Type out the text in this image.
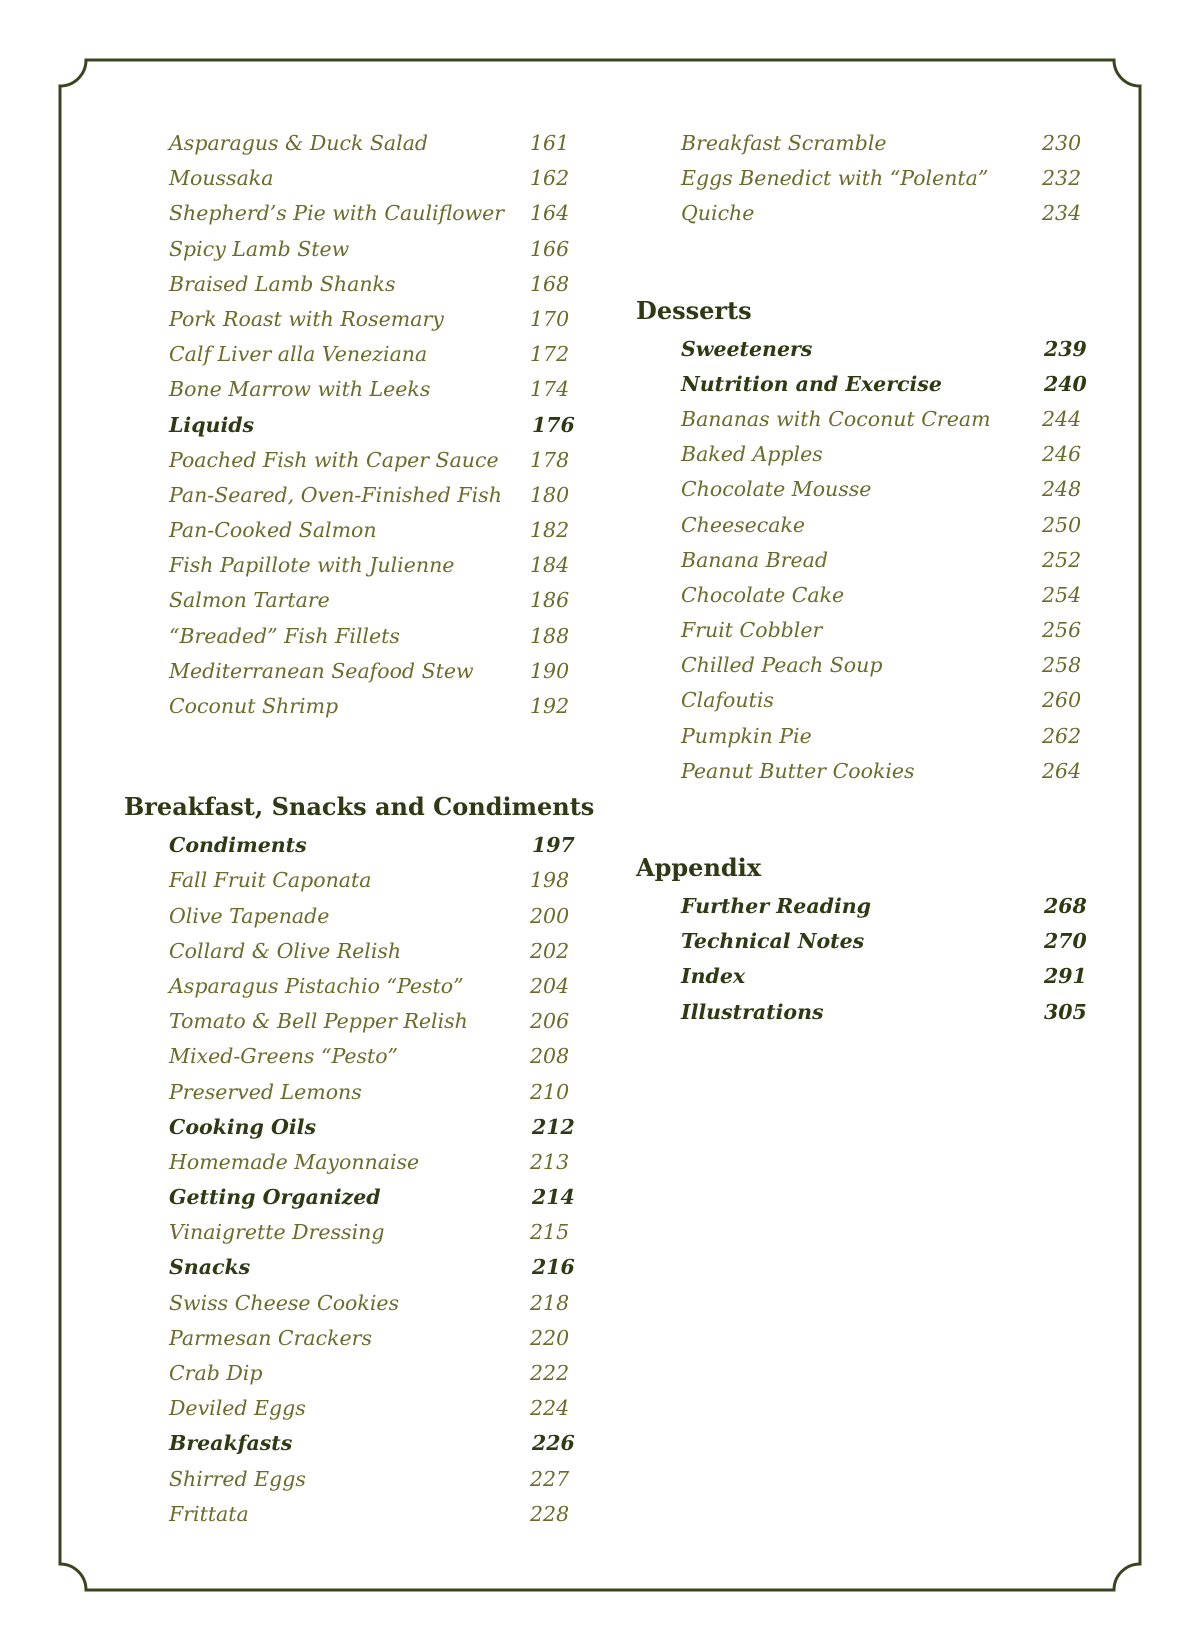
Asparagus & Duck Salad	161
Moussaka	162
Shepherd’s Pie with Cauliflower 164
Spicy Lamb Stew	166
Braised Lamb Shanks	168
Pork Roast with Rosemary	170
Calf Liver alla Veneziana	172
Bone Marrow with Leeks	174
Liquids	176
Poached Fish with Caper Sauce 178
Pan-Seared, Oven-Finished Fish 180
Pan-Cooked Salmon	182
Fish Papillote with Julienne	184
Salmon Tartare	186
“Breaded” Fish Fillets	188
Mediterranean Seafood Stew	190
Coconut Shrimp	192
Breakfast, Snacks and Condiments
Condiments	197
Fall Fruit Caponata	198
Olive Tapenade	200
Collard & Olive Relish	202
Asparagus Pistachio “Pesto”	204
Tomato & Bell Pepper Relish	206
Mixed-Greens “Pesto”	208
Preserved Lemons	210
Cooking Oils	212
Homemade Mayonnaise	213
Getting Organized	214
Vinaigrette Dressing	215
Snacks	216
Swiss Cheese Cookies	218
Parmesan Crackers	220
Crab Dip	222
Deviled Eggs	224
Breakfasts	226
Shirred Eggs	227
Frittata	228
Breakfast Scramble	230
Eggs Benedict with “Polenta”	232
Quiche	234
Desserts
Sweeteners	239
Nutrition and Exercise	240
Bananas with Coconut Cream	244
Baked Apples	246
Chocolate Mousse	248
Cheesecake	250
Banana Bread	252
Chocolate Cake	254
Fruit Cobbler	256
Chilled Peach Soup	258
Clafoutis	260
Pumpkin Pie	262
Peanut Butter Cookies	264
Appendix
Further Reading	268
Technical Notes	270
Index	291
Illustrations	305
